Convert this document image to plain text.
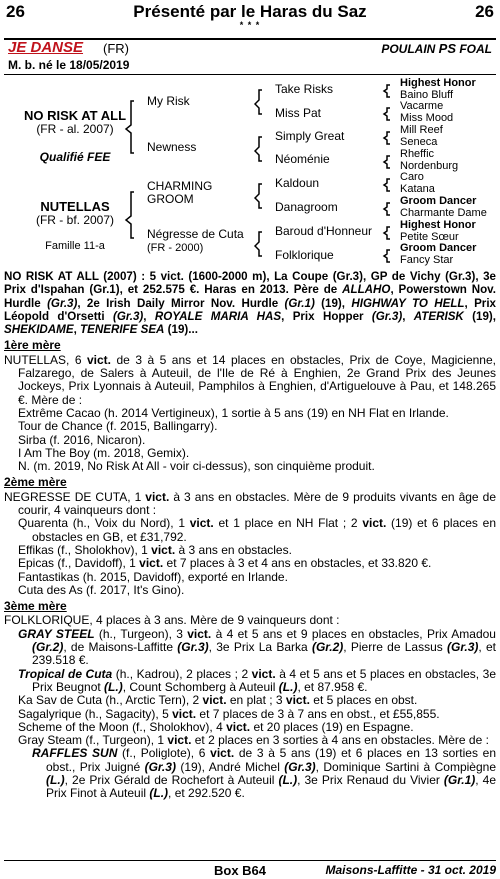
26	Présenté par le Haras du Saz	26
* * *
JE DANSE (FR)	POULAIN PS FOAL
M. b. né le 18/05/2019
NO RISK AT ALL
(FR - al. 2007)
Qualifié FEE
NUTELLAS
(FR - bf. 2007)
Famille 11-a
My Risk
Newness
CHARMING GROOM
Négresse de Cuta
(FR - 2000)
Take Risks
Miss Pat
Simply Great
Néoménie
Kaldoun
Danagroom
Baroud d'Honneur
Folklorique
Highest Honor
Baino Bluff
Vacarme
Miss Mood
Mill Reef
Seneca
Rheffic
Nordenburg
Caro
Katana
Groom Dancer
Charmante Dame
Highest Honor
Petite Sœur
Groom Dancer
Fancy Star

NO RISK AT ALL (2007) : 5 vict. (1600-2000 m), La Coupe (Gr.3), GP de Vichy (Gr.3), 3e Prix d'Ispahan (Gr.1), et 252.575 €. Haras en 2013. Père de ALLAHO, Powerstown Nov. Hurdle (Gr.3), 2e Irish Daily Mirror Nov. Hurdle (Gr.1) (19), HIGHWAY TO HELL, Prix Léopold d'Orsetti (Gr.3), ROYALE MARIA HAS, Prix Hopper (Gr.3), ATERISK (19), SHEKIDAME, TENERIFE SEA (19)...

1ère mère

NUTELLAS, 6 vict. de 3 à 5 ans et 14 places en obstacles, Prix de Coye, Magicienne, Falzarego, de Salers à Auteuil, de l'Ile de Ré à Enghien, 2e Grand Prix des Jeunes Jockeys, Prix Lyonnais à Auteuil, Pamphilos à Enghien, d'Artiguelouve à Pau, et 148.265 €. Mère de :

Extrême Cacao (h. 2014 Vertigineux), 1 sortie à 5 ans (19) en NH Flat en Irlande.

Tour de Chance (f. 2015, Ballingarry).

Sirba (f. 2016, Nicaron).

I Am The Boy (m. 2018, Gemix).

N. (m. 2019, No Risk At All - voir ci-dessus), son cinquième produit.

2ème mère

NEGRESSE DE CUTA, 1 vict. à 3 ans en obstacles. Mère de 9 produits vivants en âge de courir, 4 vainqueurs dont :

Quarenta (h., Voix du Nord), 1 vict. et 1 place en NH Flat ; 2 vict. (19) et 6 places en obstacles en GB, et £31,792.

Effikas (f., Sholokhov), 1 vict. à 3 ans en obstacles.

Epicas (f., Davidoff), 1 vict. et 7 places à 3 et 4 ans en obstacles, et 33.820 €.

Fantastikas (h. 2015, Davidoff), exporté en Irlande.

Cuta des As (f. 2017, It's Gino).

3ème mère

FOLKLORIQUE, 4 places à 3 ans. Mère de 9 vainqueurs dont :

GRAY STEEL (h., Turgeon), 3 vict. à 4 et 5 ans et 9 places en obstacles, Prix Amadou (Gr.2), de Maisons-Laffitte (Gr.3), 3e Prix La Barka (Gr.2), Pierre de Lassus (Gr.3), et 239.518 €.

Tropical de Cuta (h., Kadrou), 2 places ; 2 vict. à 4 et 5 ans et 5 places en obstacles, 3e Prix Beugnot (L.), Count Schomberg à Auteuil (L.), et 87.958 €.

Ka Sav de Cuta (h., Arctic Tern), 2 vict. en plat ; 3 vict. et 5 places en obst.

Sagalyrique (h., Sagacity), 5 vict. et 7 places de 3 à 7 ans en obst., et £55,855.

Scheme of the Moon (f., Sholokhov), 4 vict. et 20 places (19) en Espagne.

Gray Steam (f., Turgeon), 1 vict. et 2 places en 3 sorties à 4 ans en obstacles. Mère de :

RAFFLES SUN (f., Poliglote), 6 vict. de 3 à 5 ans (19) et 6 places en 13 sorties en obst., Prix Juigné (Gr.3) (19), André Michel (Gr.3), Dominique Sartini à Compiègne (L.), 2e Prix Gérald de Rochefort à Auteuil (L.), 3e Prix Renaud du Vivier (Gr.1), 4e Prix Finot à Auteuil (L.), et 292.520 €.

Box B64	Maisons-Laffitte - 31 oct. 2019
